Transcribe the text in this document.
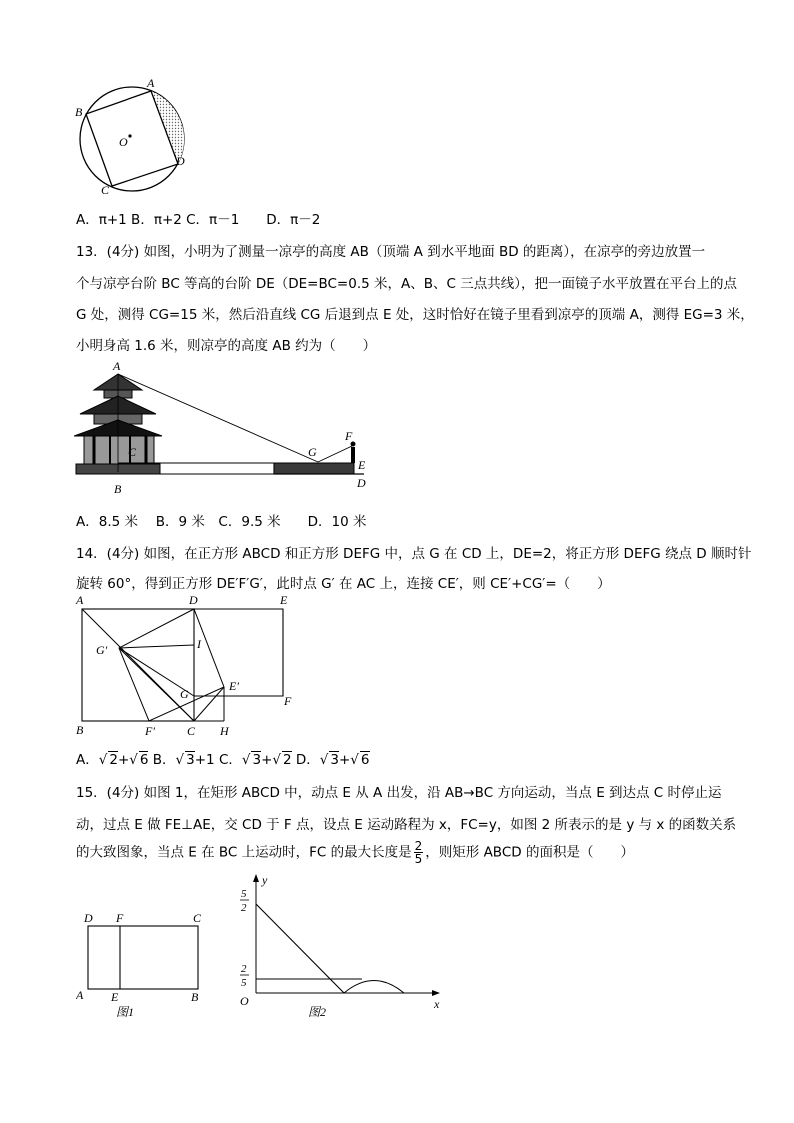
A
B
C
D
O
A．π+1 B．π+2 C．π－1　　D．π－2
13．(4分) 如图，小明为了测量一凉亭的高度 AB（顶端 A 到水平地面 BD 的距离），在凉亭的旁边放置一
个与凉亭台阶 BC 等高的台阶 DE（DE=BC=0.5 米，A、B、C 三点共线），把一面镜子水平放置在平台上的点
G 处，测得 CG=15 米，然后沿直线 CG 后退到点 E 处，这时恰好在镜子里看到凉亭的顶端 A，测得 EG=3 米，
小明身高 1.6 米，则凉亭的高度 AB 约为（　　）
A
C
B
G
F
E
D
A．8.5 米　 B．9 米　C．9.5 米　　D．10 米
14．(4分) 如图，在正方形 ABCD 和正方形 DEFG 中，点 G 在 CD 上，DE=2，将正方形 DEFG 绕点 D 顺时针
旋转 60°，得到正方形 DE′F′G′，此时点 G′ 在 AC 上，连接 CE′，则 CE′+CG′=（　　）
A	D	E
G′	I
G
E′
F
B	F′	C H
A．√ 2+√ 6 B．√ 3+1 C．√ 3+√ 2 D．√ 3+√ 6
15．(4分) 如图 1，在矩形 ABCD 中，动点 E 从 A 出发，沿 AB→BC 方向运动，当点 E 到达点 C 时停止运
动，过点 E 做 FE⊥AE，交 CD 于 F 点，设点 E 运动路程为 x，FC=y，如图 2 所表示的是 y 与 x 的函数关系
的大致图象，当点 E 在 BC 上运动时，FC 的最大长度是 $\frac{2}{5}$ ，则矩形 ABCD 的面积是（　　）
D F	C
A E	B
图1
y
x
O
5
2
2
5
图2
